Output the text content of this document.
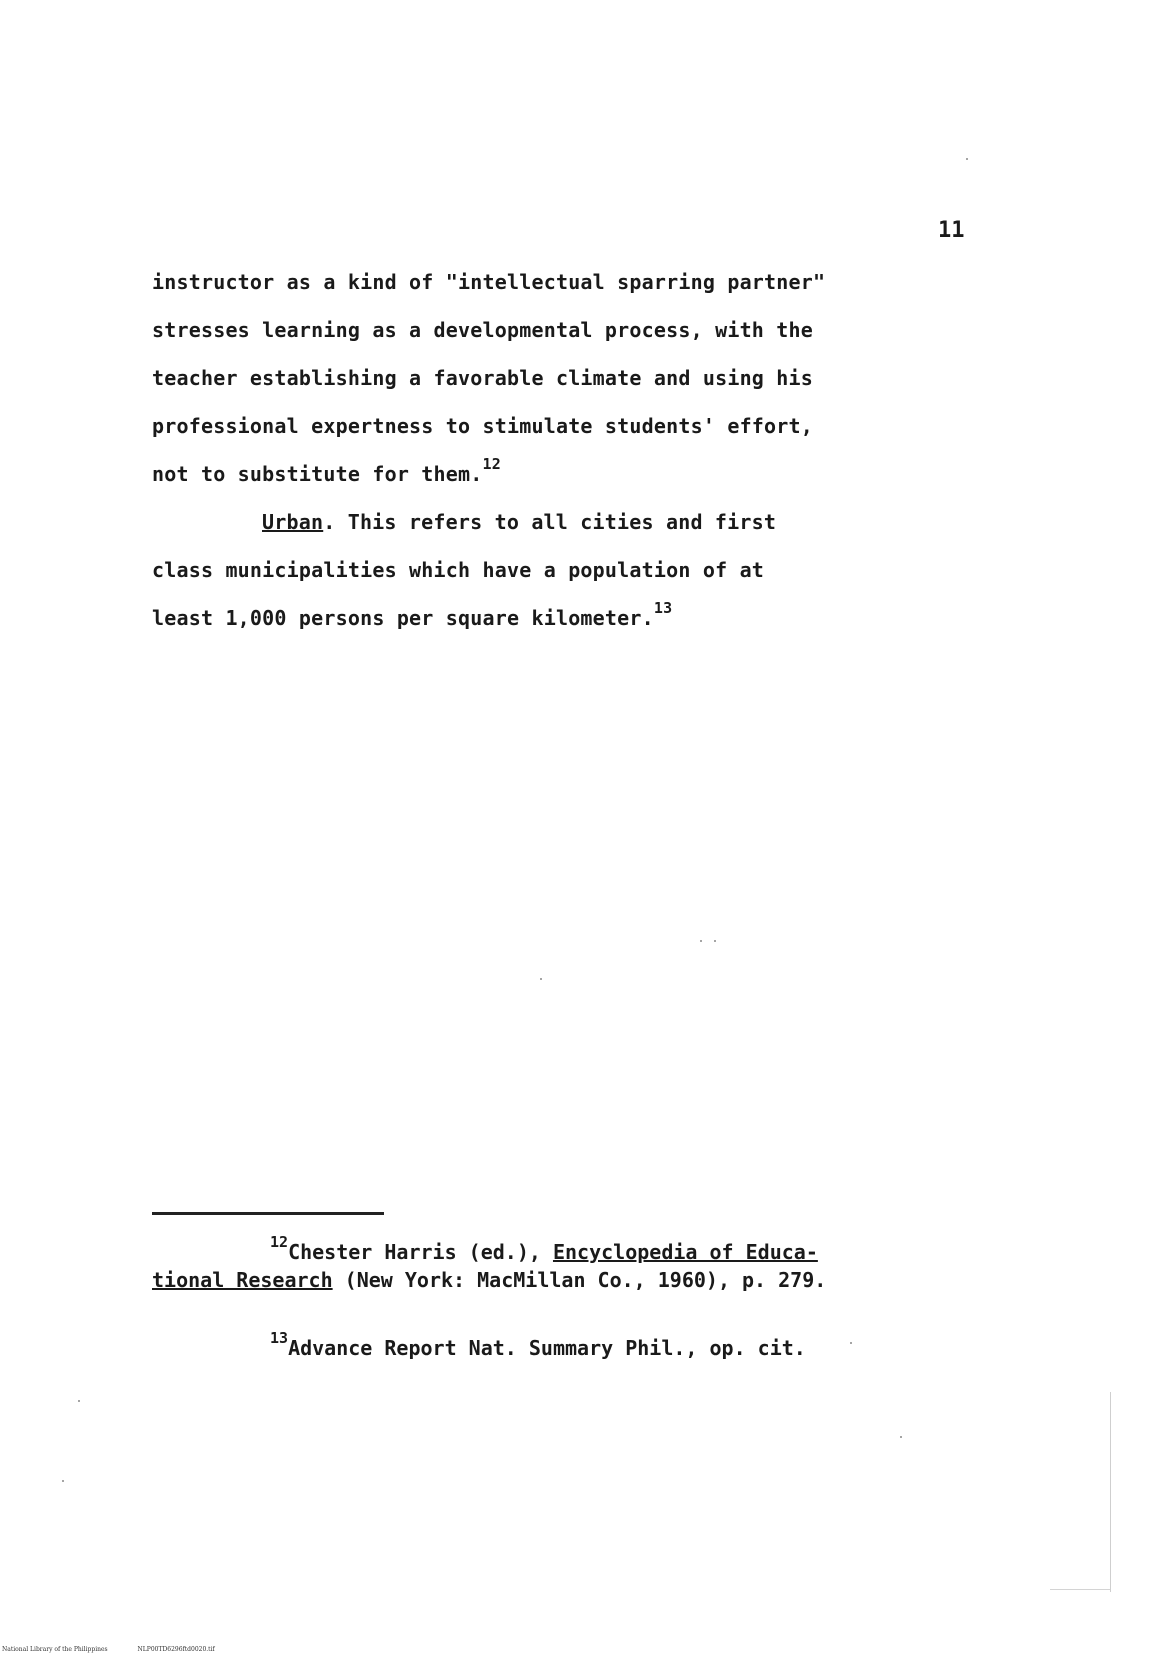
11
instructor as a kind of "intellectual sparring partner"
stresses learning as a developmental process, with the
teacher establishing a favorable climate and using his
professional expertness to stimulate students' effort,
not to substitute for them.$^{12}$
Urban. This refers to all cities and first
class municipalities which have a population of at
least 1,000 persons per square kilometer.$^{13}$
$^{12}$Chester Harris (ed.), Encyclopedia of Educa-
tional Research (New York: MacMillan Co., 1960), p. 279.
$^{13}$Advance Report Nat. Summary Phil., op. cit.
National Library of the Philippines	NLP00TD6296ftd0020.tif
